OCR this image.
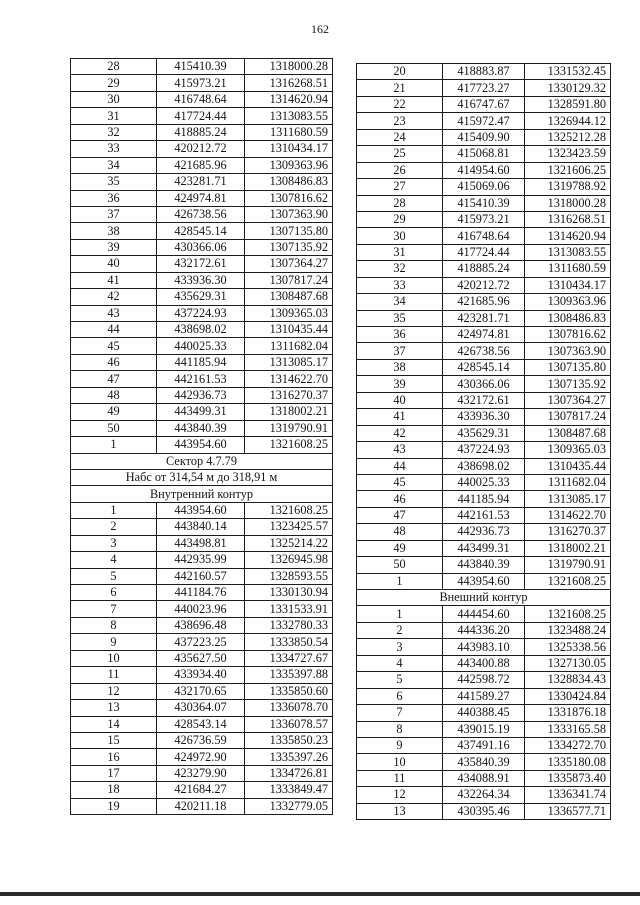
162
28	415410.39	1318000.28
29	415973.21	1316268.51
30	416748.64	1314620.94
31	417724.44	1313083.55
32	418885.24	1311680.59
33	420212.72	1310434.17
34	421685.96	1309363.96
35	423281.71	1308486.83
36	424974.81	1307816.62
37	426738.56	1307363.90
38	428545.14	1307135.80
39	430366.06	1307135.92
40	432172.61	1307364.27
41	433936.30	1307817.24
42	435629.31	1308487.68
43	437224.93	1309365.03
44	438698.02	1310435.44
45	440025.33	1311682.04
46	441185.94	1313085.17
47	442161.53	1314622.70
48	442936.73	1316270.37
49	443499.31	1318002.21
50	443840.39	1319790.91
1	443954.60	1321608.25
Сектор 4.7.79		
Набс от 314,54 м до 318,91 м		
Внутренний контур		
1	443954.60	1321608.25
2	443840.14	1323425.57
3	443498.81	1325214.22
4	442935.99	1326945.98
5	442160.57	1328593.55
6	441184.76	1330130.94
7	440023.96	1331533.91
8	438696.48	1332780.33
9	437223.25	1333850.54
10	435627.50	1334727.67
11	433934.40	1335397.88
12	432170.65	1335850.60
13	430364.07	1336078.70
14	428543.14	1336078.57
15	426736.59	1335850.23
16	424972.90	1335397.26
17	423279.90	1334726.81
18	421684.27	1333849.47
19	420211.18	1332779.05
20	418883.87	1331532.45
21	417723.27	1330129.32
22	416747.67	1328591.80
23	415972.47	1326944.12
24	415409.90	1325212.28
25	415068.81	1323423.59
26	414954.60	1321606.25
27	415069.06	1319788.92
28	415410.39	1318000.28
29	415973.21	1316268.51
30	416748.64	1314620.94
31	417724.44	1313083.55
32	418885.24	1311680.59
33	420212.72	1310434.17
34	421685.96	1309363.96
35	423281.71	1308486.83
36	424974.81	1307816.62
37	426738.56	1307363.90
38	428545.14	1307135.80
39	430366.06	1307135.92
40	432172.61	1307364.27
41	433936.30	1307817.24
42	435629.31	1308487.68
43	437224.93	1309365.03
44	438698.02	1310435.44
45	440025.33	1311682.04
46	441185.94	1313085.17
47	442161.53	1314622.70
48	442936.73	1316270.37
49	443499.31	1318002.21
50	443840.39	1319790.91
1	443954.60	1321608.25
Внешний контур		
1	444454.60	1321608.25
2	444336.20	1323488.24
3	443983.10	1325338.56
4	443400.88	1327130.05
5	442598.72	1328834.43
6	441589.27	1330424.84
7	440388.45	1331876.18
8	439015.19	1333165.58
9	437491.16	1334272.70
10	435840.39	1335180.08
11	434088.91	1335873.40
12	432264.34	1336341.74
13	430395.46	1336577.71
